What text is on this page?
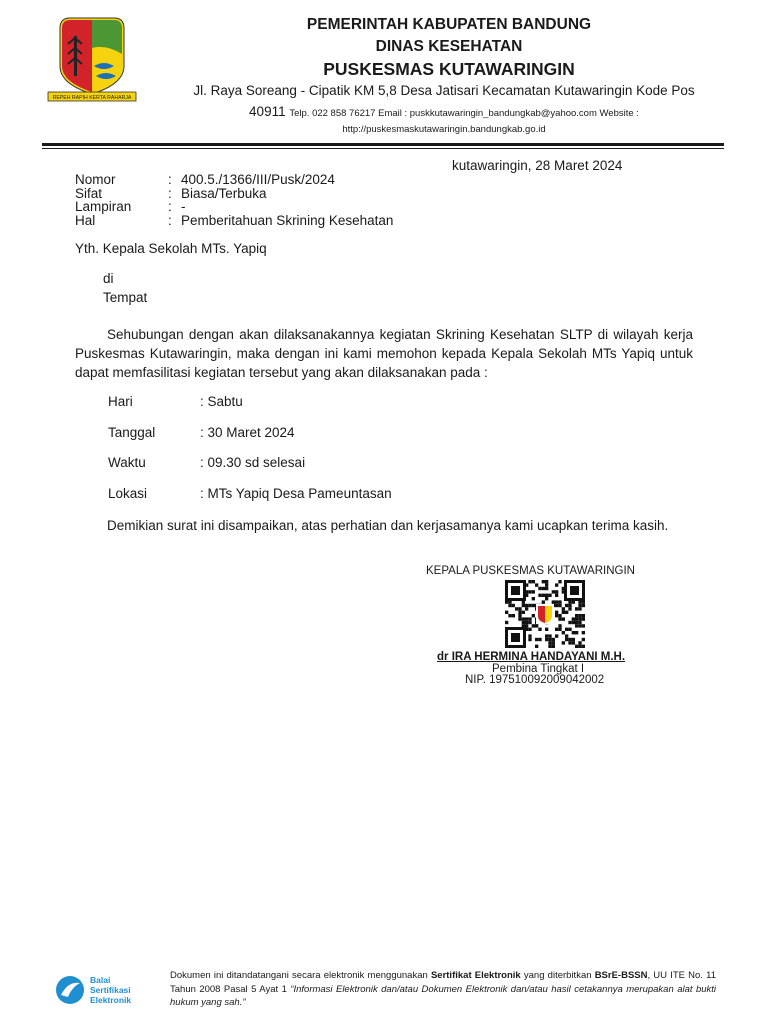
REPEH RAPIH KERTA RAHARJA
PEMERINTAH KABUPATEN BANDUNG
DINAS KESEHATAN
PUSKESMAS KUTAWARINGIN
Jl. Raya Soreang - Cipatik KM 5,8 Desa Jatisari Kecamatan Kutawaringin Kode Pos
40911 Telp. 022 858 76217 Email : puskkutawaringin_bandungkab@yahoo.com Website :
http://puskesmaskutawaringin.bandungkab.go.id
kutawaringin, 28 Maret 2024
Nomor	: 400.5./1366/III/Pusk/2024
Sifat	: Biasa/Terbuka
Lampiran	: -
Hal	: Pemberitahuan Skrining Kesehatan
Yth. Kepala Sekolah MTs. Yapiq
di
Tempat
Sehubungan dengan akan dilaksanakannya kegiatan Skrining Kesehatan SLTP di wilayah kerja Puskesmas Kutawaringin, maka dengan ini kami memohon kepada Kepala Sekolah MTs Yapiq untuk dapat memfasilitasi kegiatan tersebut yang akan dilaksanakan pada :
Hari	: Sabtu
Tanggal	: 30 Maret 2024
Waktu	: 09.30 sd selesai
Lokasi	: MTs Yapiq Desa Pameuntasan
Demikian surat ini disampaikan, atas perhatian dan kerjasamanya kami ucapkan terima kasih.
KEPALA PUSKESMAS KUTAWARINGIN
dr IRA HERMINA HANDAYANI M.H.
Pembina Tingkat I
NIP. 197510092009042002
Balai
Sertifikasi
Elektronik
Dokumen ini ditandatangani secara elektronik menggunakan Sertifikat Elektronik yang diterbitkan BSrE-BSSN, UU ITE No. 11 Tahun 2008 Pasal 5 Ayat 1 “Informasi Elektronik dan/atau Dokumen Elektronik dan/atau hasil cetakannya merupakan alat bukti hukum yang sah.”
